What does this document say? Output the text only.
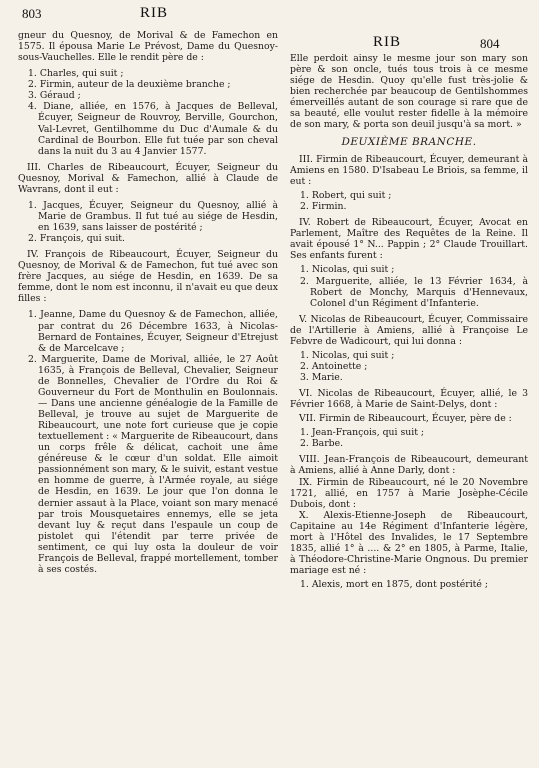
803	RIB
RIB	804

gneur du Quesnoy, de Morival & de Famechon en 1575. Il épousa Marie Le Prévost, Dame du Quesnoy-sous-Vauchelles. Elle le rendit père de :

1. Charles, qui suit ;
2. Firmin, auteur de la deuxième branche ;
3. Géraud ;
4. Diane, alliée, en 1576, à Jacques de Belleval, Écuyer, Seigneur de Rouvroy, Berville, Gourchon, Val-Levret, Gentilhomme du Duc d'Aumale & du Cardinal de Bourbon. Elle fut tuée par son cheval dans la nuit du 3 au 4 Janvier 1577.

III. Charles de Ribeaucourt, Écuyer, Seigneur du Quesnoy, Morival & Famechon, allié à Claude de Wavrans, dont il eut :

1. Jacques, Écuyer, Seigneur du Quesnoy, allié à Marie de Grambus. Il fut tué au siége de Hesdin, en 1639, sans laisser de postérité ;
2. François, qui suit.

IV. François de Ribeaucourt, Écuyer, Seigneur du Quesnoy, de Morival & de Famechon, fut tué avec son frère Jacques, au siége de Hesdin, en 1639. De sa femme, dont le nom est inconnu, il n'avait eu que deux filles :

1. Jeanne, Dame du Quesnoy & de Famechon, alliée, par contrat du 26 Décembre 1633, à Nicolas-Bernard de Fontaines, Écuyer, Seigneur d'Etrejust & de Marcelcave ;
2. Marguerite, Dame de Morival, alliée, le 27 Août 1635, à François de Belleval, Chevalier, Seigneur de Bonnelles, Chevalier de l'Ordre du Roi & Gouverneur du Fort de Monthulin en Boulonnais. — Dans une ancienne généalogie de la Famille de Belleval, je trouve au sujet de Marguerite de Ribeaucourt, une note fort curieuse que je copie textuellement : « Marguerite de Ribeaucourt, dans un corps frêle & délicat, cachoit une âme généreuse & le cœur d'un soldat. Elle aimoit passionnément son mary, & le suivit, estant vestue en homme de guerre, à l'Armée royale, au siége de Hesdin, en 1639. Le jour que l'on donna le dernier assaut à la Place, voiant son mary menacé par trois Mousquetaires ennemys, elle se jeta devant luy & reçut dans l'espaule un coup de pistolet qui l'étendit par terre privée de sentiment, ce qui luy osta la douleur de voir François de Belleval, frappé mortellement, tomber à ses costés.

Elle perdoit ainsy le mesme jour son mary son père & son oncle, tués tous trois à ce mesme siége de Hesdin. Quoy qu'elle fust très-jolie & bien recherchée par beaucoup de Gentilshommes émerveillés autant de son courage si rare que de sa beauté, elle voulut rester fidelle à la mémoire de son mary, & porta son deuil jusqu'à sa mort. »

DEUXIÈME BRANCHE.

III. Firmin de Ribeaucourt, Écuyer, demeurant à Amiens en 1580. D'Isabeau Le Briois, sa femme, il eut :

1. Robert, qui suit ;
2. Firmin.

IV. Robert de Ribeaucourt, Écuyer, Avocat en Parlement, Maître des Requêtes de la Reine. Il avait épousé 1° N... Pappin ; 2° Claude Trouillart. Ses enfants furent :

1. Nicolas, qui suit ;
2. Marguerite, alliée, le 13 Février 1634, à Robert de Monchy, Marquis d'Hennevaux, Colonel d'un Régiment d'Infanterie.

V. Nicolas de Ribeaucourt, Écuyer, Commissaire de l'Artillerie à Amiens, allié à Françoise Le Febvre de Wadicourt, qui lui donna :

1. Nicolas, qui suit ;
2. Antoinette ;
3. Marie.

VI. Nicolas de Ribeaucourt, Écuyer, allié, le 3 Février 1668, à Marie de Saint-Delys, dont :

VII. Firmin de Ribeaucourt, Écuyer, père de :

1. Jean-François, qui suit ;
2. Barbe.

VIII. Jean-François de Ribeaucourt, demeurant à Amiens, allié à Anne Darly, dont :

IX. Firmin de Ribeaucourt, né le 20 Novembre 1721, allié, en 1757 à Marie Josèphe-Cécile Dubois, dont :

X. Alexis-Etienne-Joseph de Ribeaucourt, Capitaine au 14e Régiment d'Infanterie légère, mort à l'Hôtel des Invalides, le 17 Septembre 1835, allié 1° à .... & 2° en 1805, à Parme, Italie, à Théodore-Christine-Marie Ongnous. Du premier mariage est né :

1. Alexis, mort en 1875, dont postérité ;
